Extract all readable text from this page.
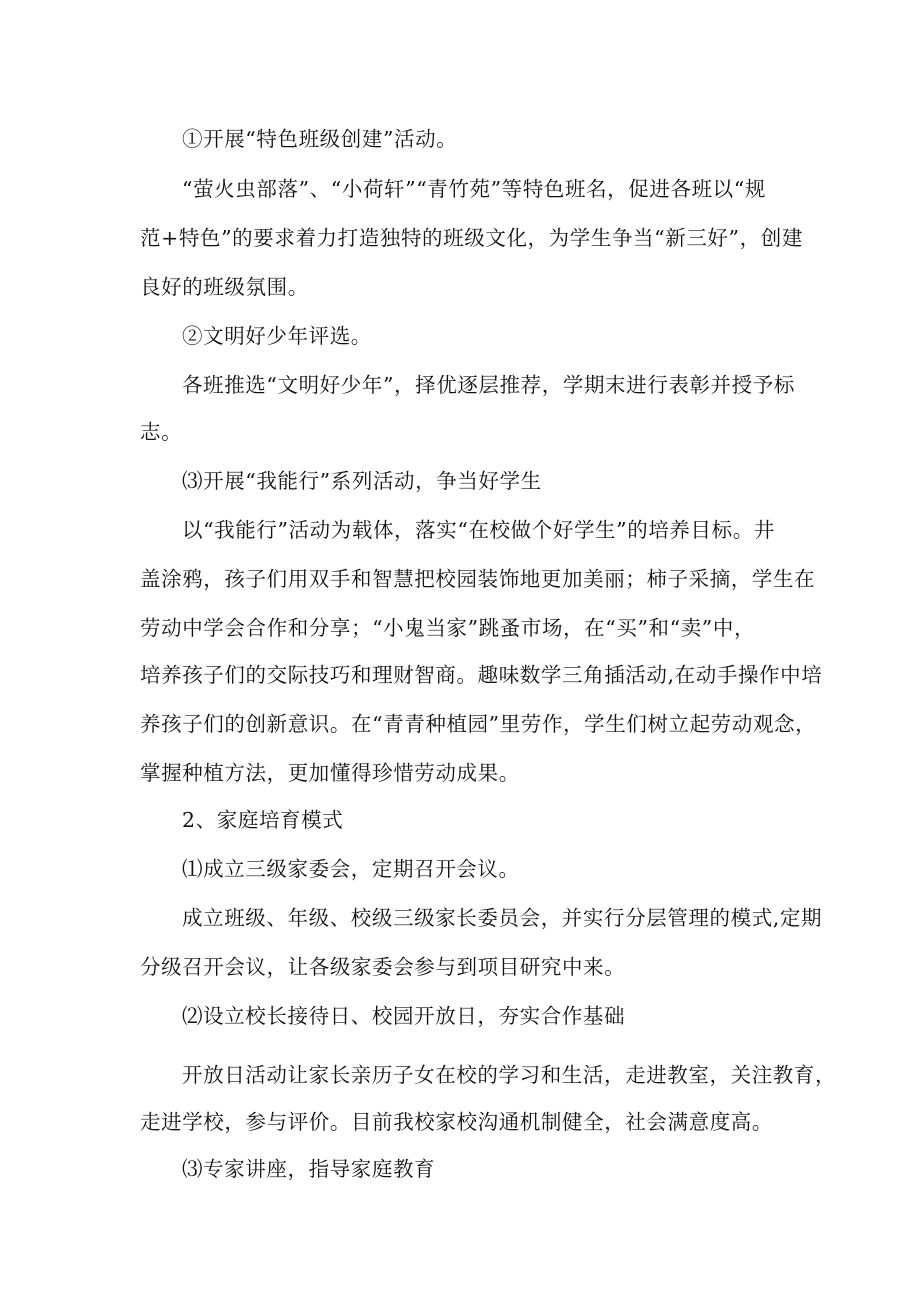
①开展“特色班级创建”活动。
“萤火虫部落”、“小荷轩”“青竹苑”等特色班名，促进各班以“规
范+特色”的要求着力打造独特的班级文化，为学生争当“新三好”，创建
良好的班级氛围。
②文明好少年评选。
各班推选“文明好少年”，择优逐层推荐，学期末进行表彰并授予标
志。
⑶开展“我能行”系列活动，争当好学生
以“我能行”活动为载体，落实“在校做个好学生”的培养目标。井
盖涂鸦，孩子们用双手和智慧把校园装饰地更加美丽；柿子采摘，学生在
劳动中学会合作和分享；“小鬼当家”跳蚤市场，在“买”和“卖”中，
培养孩子们的交际技巧和理财智商。趣味数学三角插活动,在动手操作中培
养孩子们的创新意识。在“青青种植园”里劳作，学生们树立起劳动观念，
掌握种植方法，更加懂得珍惜劳动成果。
2、家庭培育模式
⑴成立三级家委会，定期召开会议。
成立班级、年级、校级三级家长委员会，并实行分层管理的模式,定期
分级召开会议，让各级家委会参与到项目研究中来。
⑵设立校长接待日、校园开放日，夯实合作基础
开放日活动让家长亲历子女在校的学习和生活，走进教室，关注教育，
走进学校，参与评价。目前我校家校沟通机制健全，社会满意度高。
⑶专家讲座，指导家庭教育
